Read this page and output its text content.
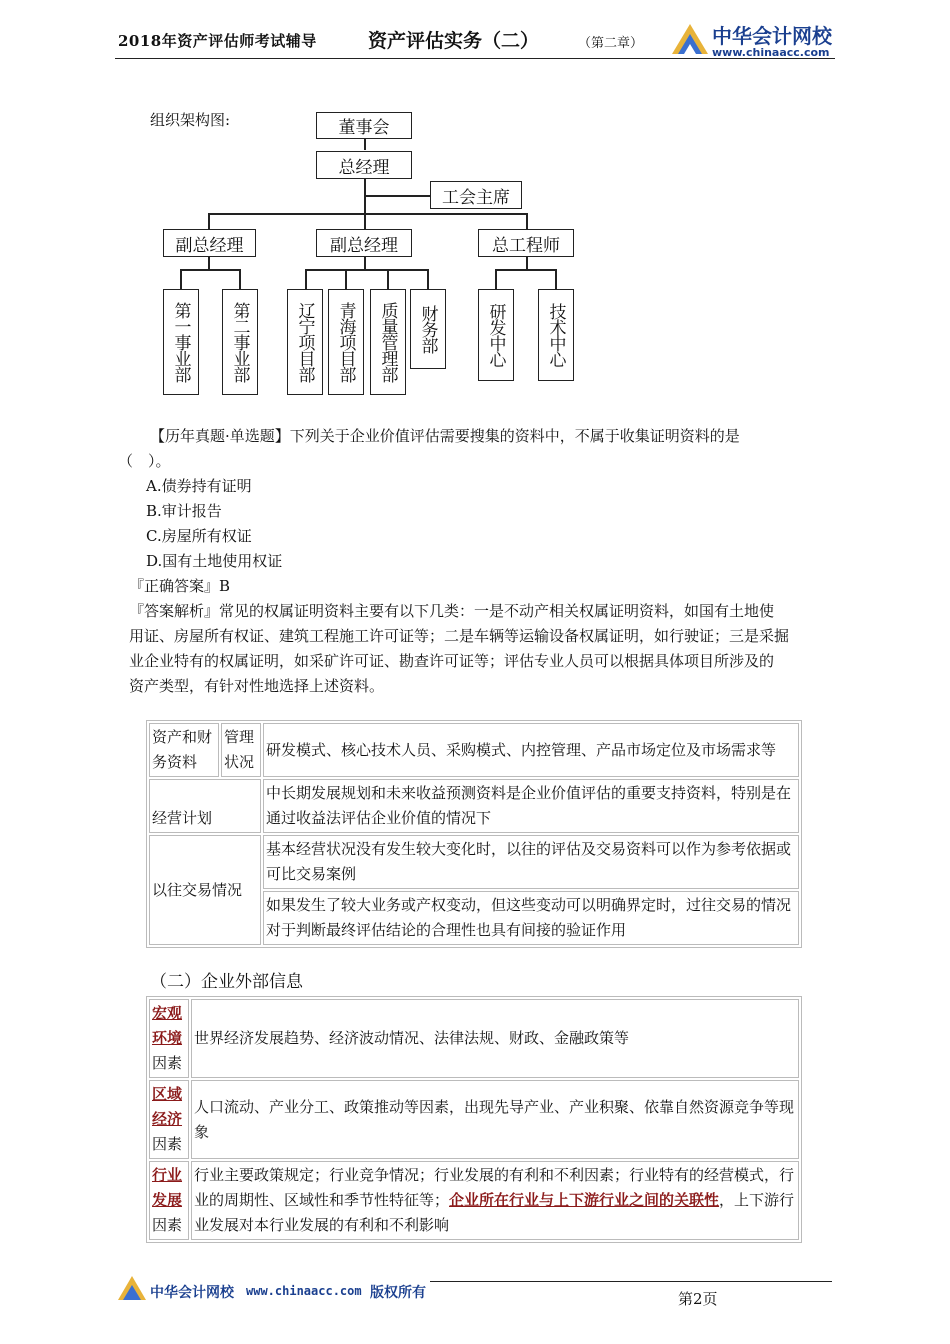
2018年资产评估师考试辅导	资产评估实务（二）	（第二章）	中华会计网校
www.chinaacc.com
组织架构图:	董事会
总经理
工会主席
副总经理	副总经理	总工程师
第一事业部	第二事业部	辽宁项目部	青海项目部	质量管理部	财务部	研发中心	技术中心
【历年真题·单选题】下列关于企业价值评估需要搜集的资料中，不属于收集证明资料的是
（　）。
A.债券持有证明
B.审计报告
C.房屋所有权证
D.国有土地使用权证
『正确答案』B
『答案解析』常见的权属证明资料主要有以下几类：一是不动产相关权属证明资料，如国有土地使
用证、房屋所有权证、建筑工程施工许可证等；二是车辆等运输设备权属证明，如行驶证；三是采掘
业企业特有的权属证明，如采矿许可证、勘查许可证等；评估专业人员可以根据具体项目所涉及的
资产类型，有针对性地选择上述资料。
资产和财务资料	管理状况	研发模式、核心技术人员、采购模式、内控管理、产品市场定位及市场需求等
经营计划		中长期发展规划和未来收益预测资料是企业价值评估的重要支持资料，特别是在通过收益法评估企业价值的情况下
以往交易情况		基本经营状况没有发生较大变化时，以往的评估及交易资料可以作为参考依据或可比交易案例
		如果发生了较大业务或产权变动，但这些变动可以明确界定时，过往交易的情况对于判断最终评估结论的合理性也具有间接的验证作用
（二）企业外部信息
宏观
环境
因素	世界经济发展趋势、经济波动情况、法律法规、财政、金融政策等
区域
经济
因素	人口流动、产业分工、政策推动等因素，出现先导产业、产业积聚、依靠自然资源竞争等现象
行业
发展
因素	行业主要政策规定；行业竞争情况；行业发展的有利和不利因素；行业特有的经营模式，行业的周期性、区域性和季节性特征等；企业所在行业与上下游行业之间的关联性，上下游行业发展对本行业发展的有利和不利影响
中华会计网校 www.chinaacc.com 版权所有	第2页
